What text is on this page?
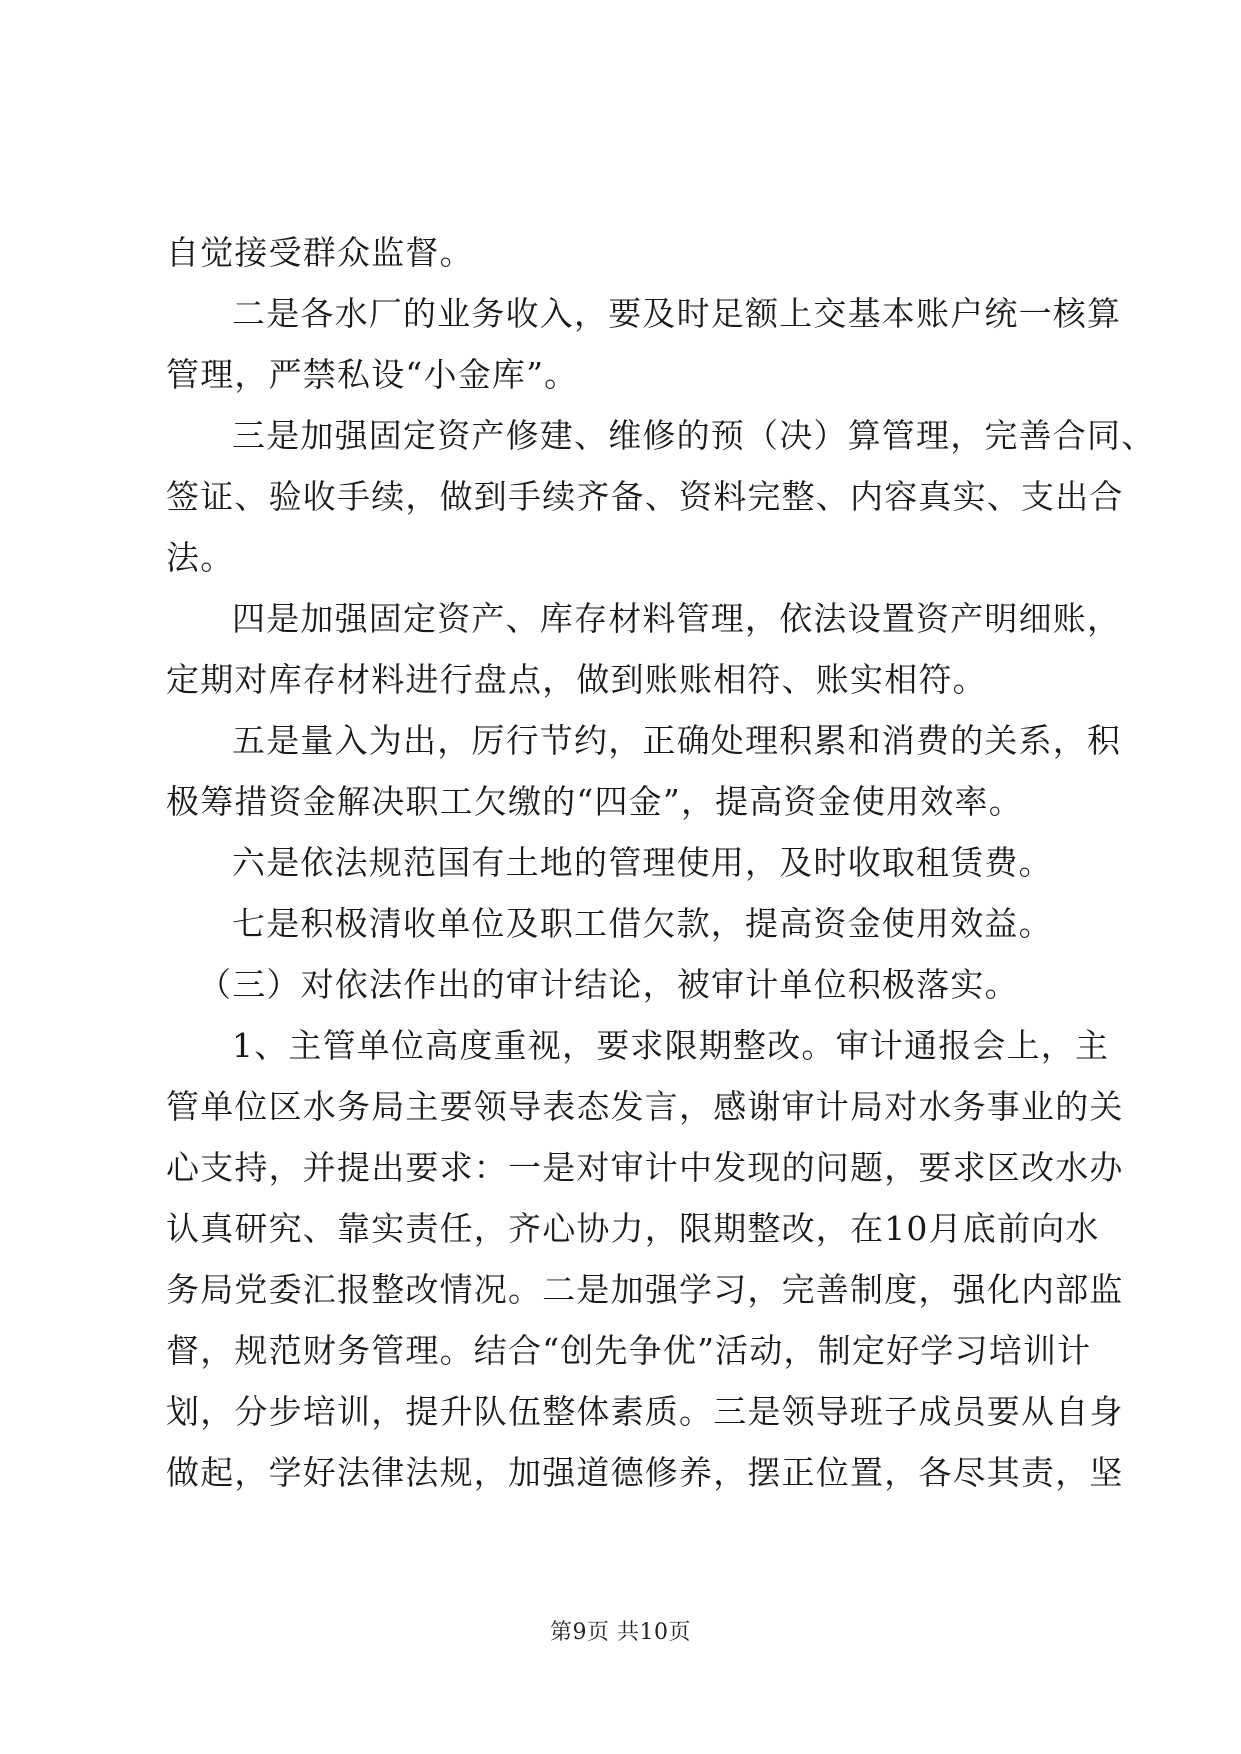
自觉接受群众监督。
二是各水厂的业务收入，要及时足额上交基本账户统一核算
管理，严禁私设“小金库”。
三是加强固定资产修建、维修的预（决）算管理，完善合同、
签证、验收手续，做到手续齐备、资料完整、内容真实、支出合
法。
四是加强固定资产、库存材料管理，依法设置资产明细账，
定期对库存材料进行盘点，做到账账相符、账实相符。
五是量入为出，厉行节约，正确处理积累和消费的关系，积
极筹措资金解决职工欠缴的“四金”，提高资金使用效率。
六是依法规范国有土地的管理使用，及时收取租赁费。
七是积极清收单位及职工借欠款，提高资金使用效益。
（三）对依法作出的审计结论，被审计单位积极落实。
1、主管单位高度重视，要求限期整改。审计通报会上，主
管单位区水务局主要领导表态发言，感谢审计局对水务事业的关
心支持，并提出要求：一是对审计中发现的问题，要求区改水办
认真研究、靠实责任，齐心协力，限期整改，在10月底前向水
务局党委汇报整改情况。二是加强学习，完善制度，强化内部监
督，规范财务管理。结合“创先争优”活动，制定好学习培训计
划，分步培训，提升队伍整体素质。三是领导班子成员要从自身
做起，学好法律法规，加强道德修养，摆正位置，各尽其责，坚
第9页 共10页
